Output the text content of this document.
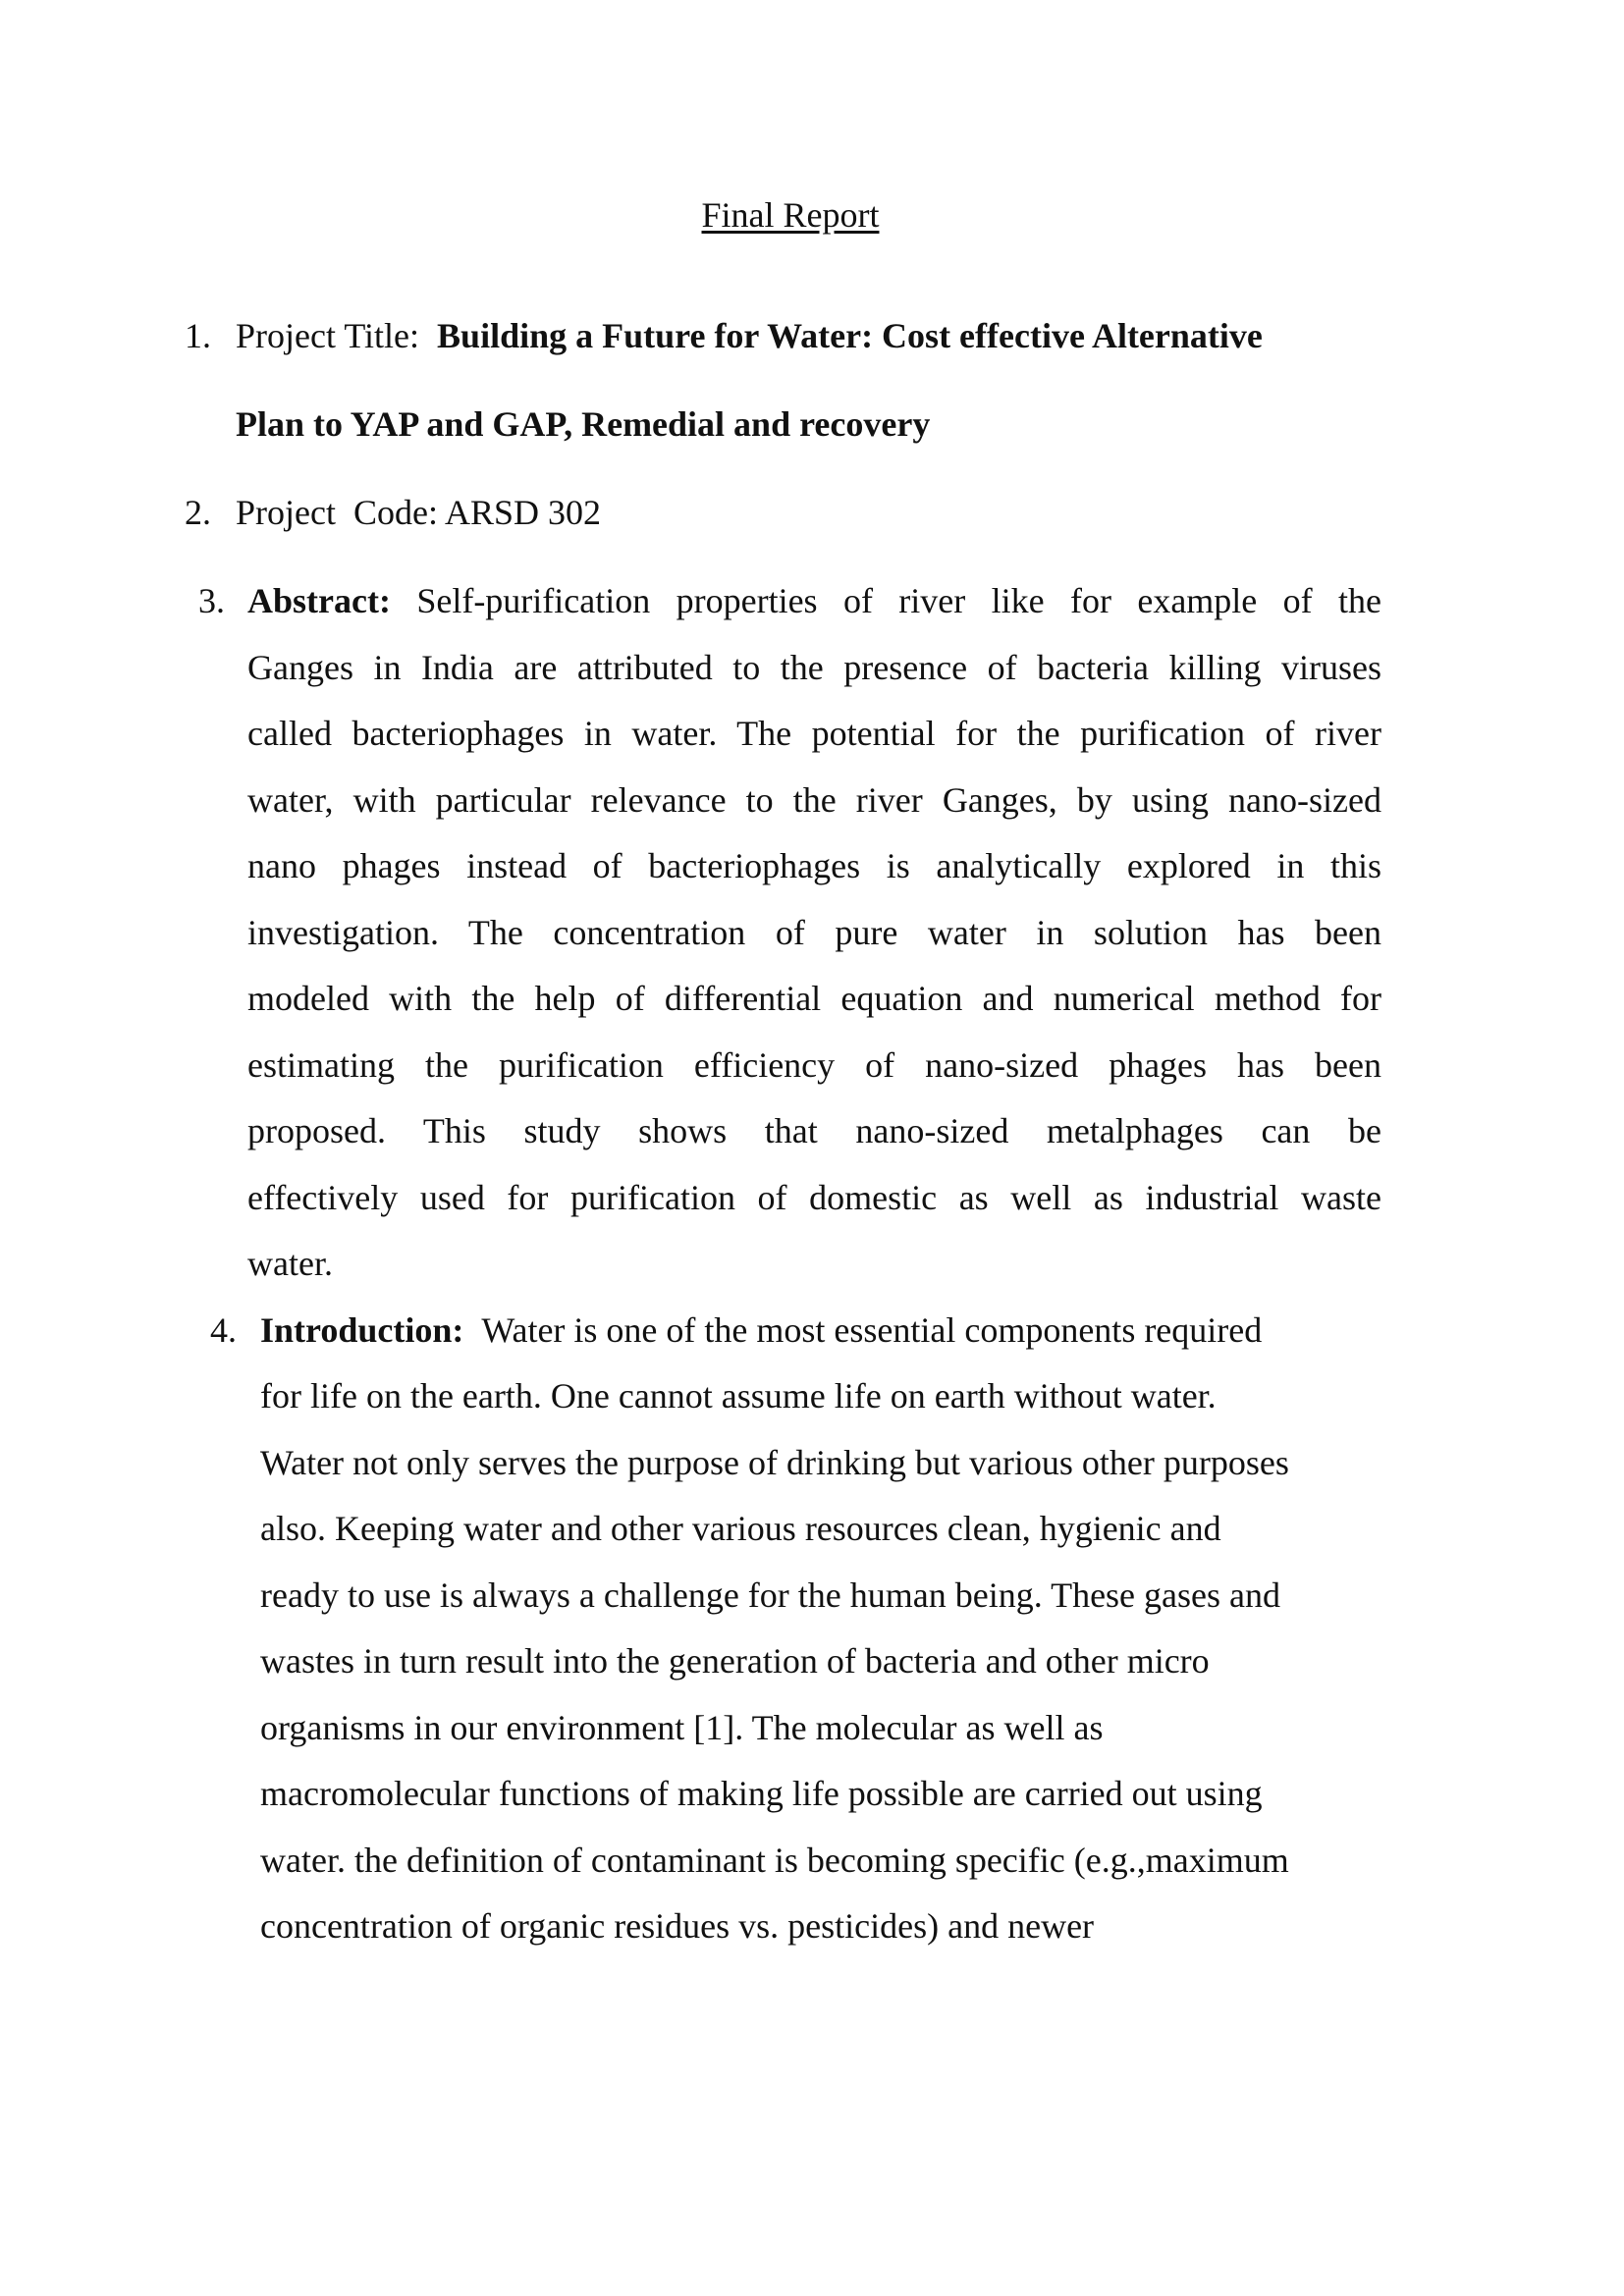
Final Report
1. Project Title: Building a Future for Water: Cost effective Alternative
Plan to YAP and GAP, Remedial and recovery
2. Project  Code: ARSD 302
3. Abstract: Self-purification properties of river like for example of the
Ganges in India are attributed to the presence of bacteria killing viruses
called bacteriophages in water. The potential for the purification of river
water, with particular relevance to the river Ganges, by using nano-sized
nano phages instead of bacteriophages is analytically explored in this
investigation. The concentration of pure water in solution has been
modeled with the help of differential equation and numerical method for
estimating the purification efficiency of nano-sized phages has been
proposed. This study shows that nano-sized metalphages can be
effectively used for purification of domestic as well as industrial waste
water.
4. Introduction: Water is one of the most essential components required
for life on the earth. One cannot assume life on earth without water.
Water not only serves the purpose of drinking but various other purposes
also. Keeping water and other various resources clean, hygienic and
ready to use is always a challenge for the human being. These gases and
wastes in turn result into the generation of bacteria and other micro
organisms in our environment [1]. The molecular as well as
macromolecular functions of making life possible are carried out using
water. the definition of contaminant is becoming specific (e.g.,maximum
concentration of organic residues vs. pesticides) and newer
